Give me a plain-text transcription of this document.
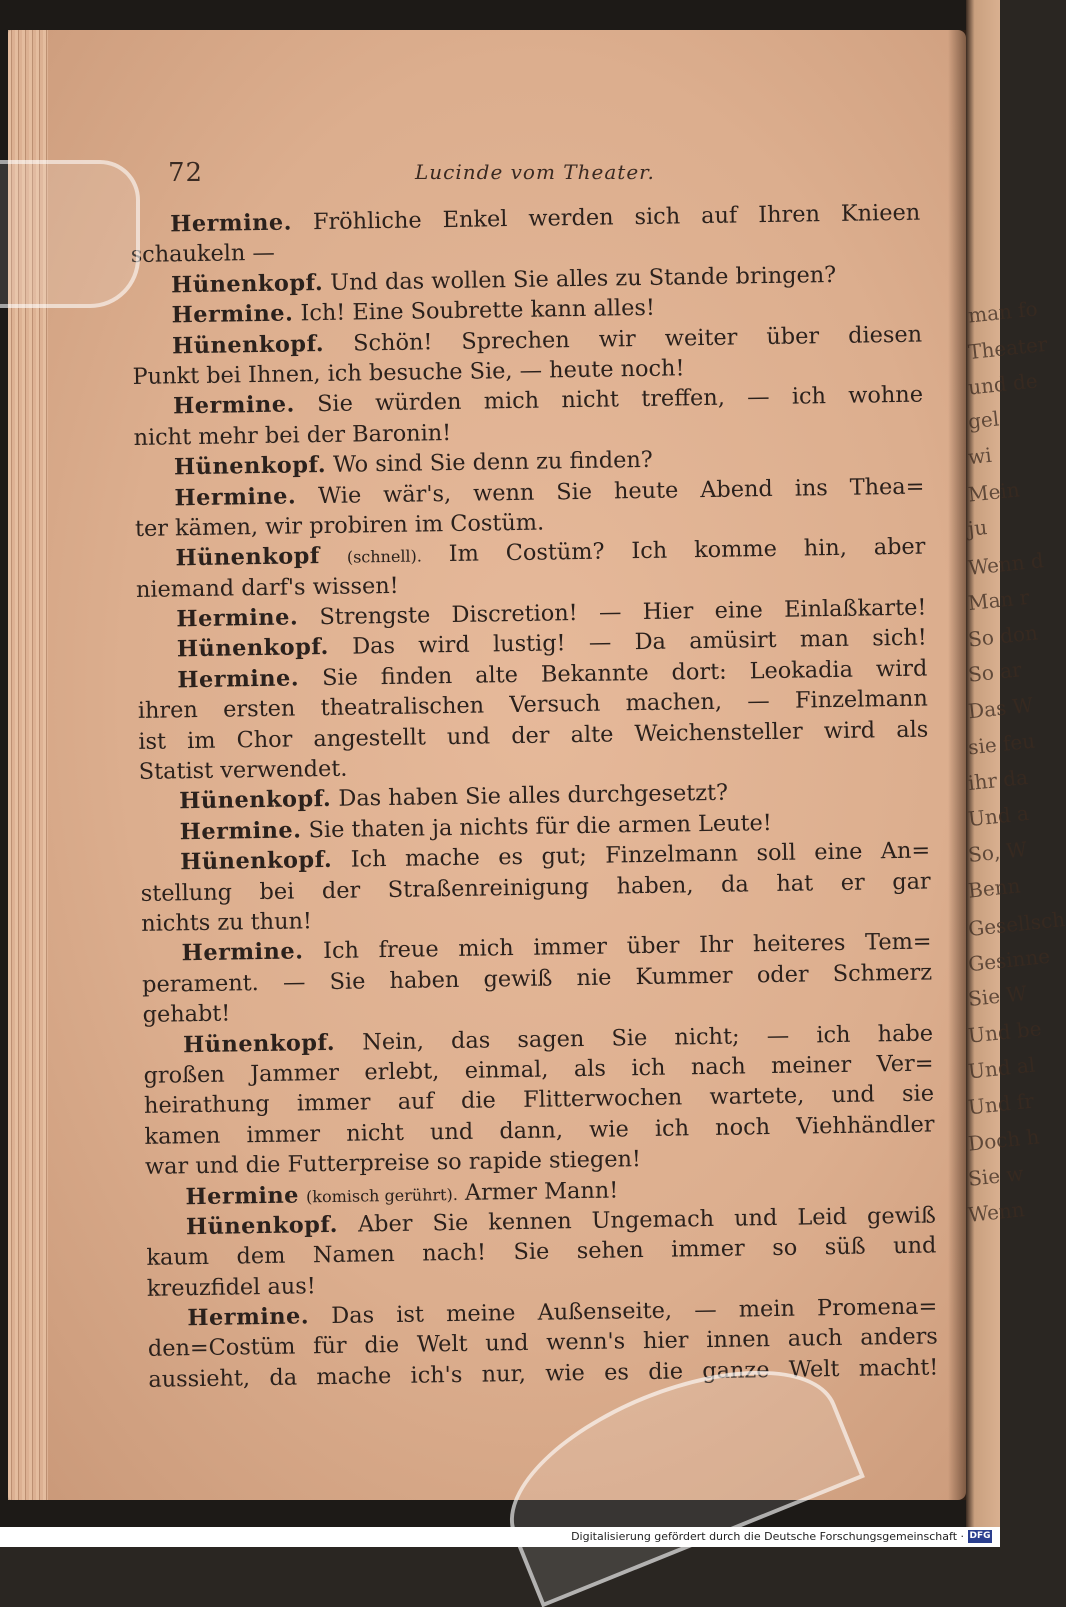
man fo
Theater
und de
gel
wi
Mein
ju
Wenn d
Man r
So don
So ar
Das W
sie feu
ihr da
Und a
So, W
Benn
Gesellsch
Gesinne
Sie W
Und be
Und al
Und fr
Doch h
Sie w
Wenn
72	Lucinde vom Theater.
Hermine. Fröhliche Enkel werden sich auf Ihren Knieen
schaukeln —
Hünenkopf. Und das wollen Sie alles zu Stande bringen?
Hermine. Ich! Eine Soubrette kann alles!
Hünenkopf. Schön! Sprechen wir weiter über diesen
Punkt bei Ihnen, ich besuche Sie, — heute noch!
Hermine. Sie würden mich nicht treffen, — ich wohne
nicht mehr bei der Baronin!
Hünenkopf. Wo sind Sie denn zu finden?
Hermine. Wie wär's, wenn Sie heute Abend ins Thea=
ter kämen, wir probiren im Costüm.
Hünenkopf (schnell). Im Costüm? Ich komme hin, aber
niemand darf's wissen!
Hermine. Strengste Discretion! — Hier eine Einlaßkarte!
Hünenkopf. Das wird lustig! — Da amüsirt man sich!
Hermine. Sie finden alte Bekannte dort: Leokadia wird
ihren ersten theatralischen Versuch machen, — Finzelmann
ist im Chor angestellt und der alte Weichensteller wird als
Statist verwendet.
Hünenkopf. Das haben Sie alles durchgesetzt?
Hermine. Sie thaten ja nichts für die armen Leute!
Hünenkopf. Ich mache es gut; Finzelmann soll eine An=
stellung bei der Straßenreinigung haben, da hat er gar
nichts zu thun!
Hermine. Ich freue mich immer über Ihr heiteres Tem=
perament. — Sie haben gewiß nie Kummer oder Schmerz
gehabt!
Hünenkopf. Nein, das sagen Sie nicht; — ich habe
großen Jammer erlebt, einmal, als ich nach meiner Ver=
heirathung immer auf die Flitterwochen wartete, und sie
kamen immer nicht und dann, wie ich noch Viehhändler
war und die Futterpreise so rapide stiegen!
Hermine (komisch gerührt). Armer Mann!
Hünenkopf. Aber Sie kennen Ungemach und Leid gewiß
kaum dem Namen nach! Sie sehen immer so süß und
kreuzfidel aus!
Hermine. Das ist meine Außenseite, — mein Promena=
den=Costüm für die Welt und wenn's hier innen auch anders
aussieht, da mache ich's nur, wie es die ganze Welt macht!
Digitalisierung gefördert durch die Deutsche Forschungsgemeinschaft · DFG
